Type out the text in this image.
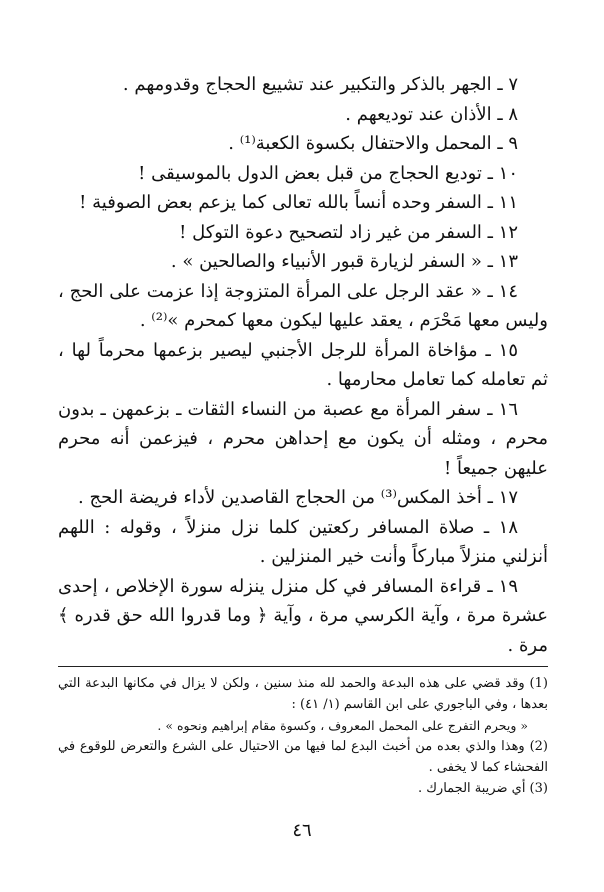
٧ ـ الجهر بالذكر والتكبير عند تشييع الحجاج وقدومهم .

٨ ـ الأذان عند توديعهم .

٩ ـ المحمل والاحتفال بكسوة الكعبة⁽¹⁾ .

١٠ ـ توديع الحجاج من قبل بعض الدول بالموسيقى !

١١ ـ السفر وحده أنساً بالله تعالى كما يزعم بعض الصوفية !

١٢ ـ السفر من غير زاد لتصحيح دعوة التوكل !

١٣ ـ « السفر لزيارة قبور الأنبياء والصالحين » .

١٤ ـ « عقد الرجل على المرأة المتزوجة إذا عزمت على الحج ، وليس معها مَحْرَم ، يعقد عليها ليكون معها كمحرم »⁽²⁾ .

١٥ ـ مؤاخاة المرأة للرجل الأجنبي ليصير بزعمها محرماً لها ، ثم تعامله كما تعامل محارمها .

١٦ ـ سفر المرأة مع عصبة من النساء الثقات ـ بزعمهن ـ بدون محرم ، ومثله أن يكون مع إحداهن محرم ، فيزعمن أنه محرم عليهن جميعاً !

١٧ ـ أخذ المكس⁽³⁾ من الحجاج القاصدين لأداء فريضة الحج .

١٨ ـ صلاة المسافر ركعتين كلما نزل منزلاً ، وقوله : اللهم أنزلني منزلاً مباركاً وأنت خير المنزلين .

١٩ ـ قراءة المسافر في كل منزل ينزله سورة الإخلاص ، إحدى عشرة مرة ، وآية الكرسي مرة ، وآية ﴿ وما قدروا الله حق قدره ﴾ مرة .

(1) وقد قضي على هذه البدعة والحمد لله منذ سنين ، ولكن لا يزال في مكانها البدعة التي بعدها ، وفي الباجوري على ابن القاسم (١/ ٤١) :

« ويحرم التفرج على المحمل المعروف ، وكسوة مقام إبراهيم ونحوه » .

(2) وهذا والذي بعده من أخبث البدع لما فيها من الاحتيال على الشرع والتعرض للوقوع في الفحشاء كما لا يخفى .

(3) أي ضريبة الجمارك .

٤٦
